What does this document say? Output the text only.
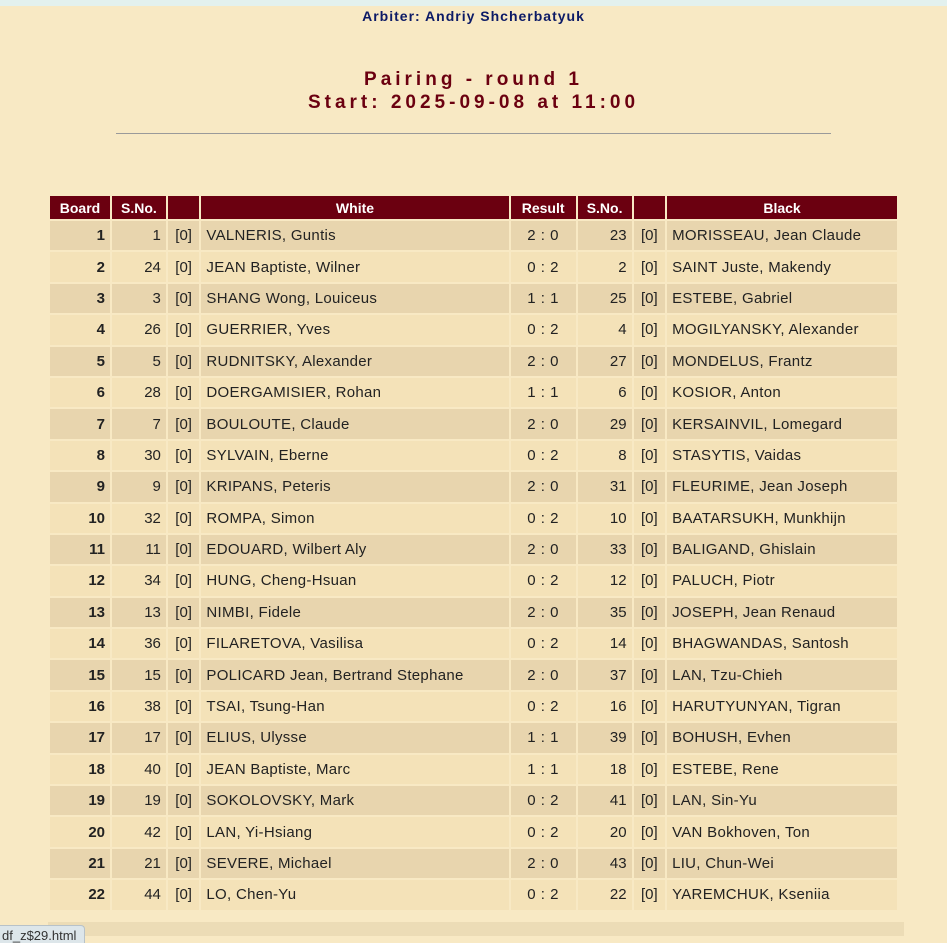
Arbiter: Andriy Shcherbatyuk
Pairing - round 1
Start: 2025-09-08 at 11:00
Board	S.No.		White	Result	S.No.		Black
1	1	[0]	VALNERIS, Guntis	2 : 0	23	[0]	MORISSEAU, Jean Claude
2	24	[0]	JEAN Baptiste, Wilner	0 : 2	2	[0]	SAINT Juste, Makendy
3	3	[0]	SHANG Wong, Louiceus	1 : 1	25	[0]	ESTEBE, Gabriel
4	26	[0]	GUERRIER, Yves	0 : 2	4	[0]	MOGILYANSKY, Alexander
5	5	[0]	RUDNITSKY, Alexander	2 : 0	27	[0]	MONDELUS, Frantz
6	28	[0]	DOERGAMISIER, Rohan	1 : 1	6	[0]	KOSIOR, Anton
7	7	[0]	BOULOUTE, Claude	2 : 0	29	[0]	KERSAINVIL, Lomegard
8	30	[0]	SYLVAIN, Eberne	0 : 2	8	[0]	STASYTIS, Vaidas
9	9	[0]	KRIPANS, Peteris	2 : 0	31	[0]	FLEURIME, Jean Joseph
10	32	[0]	ROMPA, Simon	0 : 2	10	[0]	BAATARSUKH, Munkhijn
11	11	[0]	EDOUARD, Wilbert Aly	2 : 0	33	[0]	BALIGAND, Ghislain
12	34	[0]	HUNG, Cheng-Hsuan	0 : 2	12	[0]	PALUCH, Piotr
13	13	[0]	NIMBI, Fidele	2 : 0	35	[0]	JOSEPH, Jean Renaud
14	36	[0]	FILARETOVA, Vasilisa	0 : 2	14	[0]	BHAGWANDAS, Santosh
15	15	[0]	POLICARD Jean, Bertrand Stephane	2 : 0	37	[0]	LAN, Tzu-Chieh
16	38	[0]	TSAI, Tsung-Han	0 : 2	16	[0]	HARUTYUNYAN, Tigran
17	17	[0]	ELIUS, Ulysse	1 : 1	39	[0]	BOHUSH, Evhen
18	40	[0]	JEAN Baptiste, Marc	1 : 1	18	[0]	ESTEBE, Rene
19	19	[0]	SOKOLOVSKY, Mark	0 : 2	41	[0]	LAN, Sin-Yu
20	42	[0]	LAN, Yi-Hsiang	0 : 2	20	[0]	VAN Bokhoven, Ton
21	21	[0]	SEVERE, Michael	2 : 0	43	[0]	LIU, Chun-Wei
22	44	[0]	LO, Chen-Yu	0 : 2	22	[0]	YAREMCHUK, Kseniia
df_z$29.html
